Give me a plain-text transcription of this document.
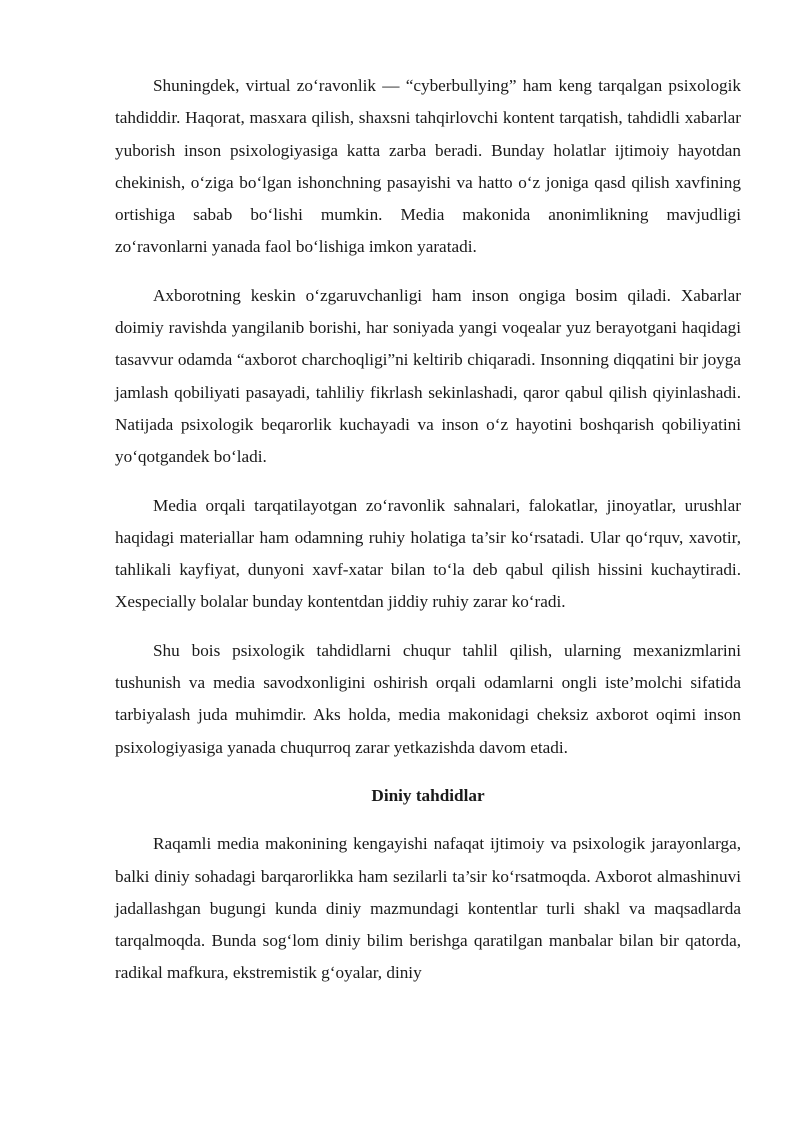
Shuningdek, virtual zo‘ravonlik — “cyberbullying” ham keng tarqalgan psixologik tahdiddir. Haqorat, masxara qilish, shaxsni tahqirlovchi kontent tarqatish, tahdidli xabarlar yuborish inson psixologiyasiga katta zarba beradi. Bunday holatlar ijtimoiy hayotdan chekinish, o‘ziga bo‘lgan ishonchning pasayishi va hatto o‘z joniga qasd qilish xavfining ortishiga sabab bo‘lishi mumkin. Media makonida anonimlikning mavjudligi zo‘ravonlarni yanada faol bo‘lishiga imkon yaratadi.

Axborotning keskin o‘zgaruvchanligi ham inson ongiga bosim qiladi. Xabarlar doimiy ravishda yangilanib borishi, har soniyada yangi voqealar yuz berayotgani haqidagi tasavvur odamda “axborot charchoqligi”ni keltirib chiqaradi. Insonning diqqatini bir joyga jamlash qobiliyati pasayadi, tahliliy fikrlash sekinlashadi, qaror qabul qilish qiyinlashadi. Natijada psixologik beqarorlik kuchayadi va inson o‘z hayotini boshqarish qobiliyatini yo‘qotgandek bo‘ladi.

Media orqali tarqatilayotgan zo‘ravonlik sahnalari, falokatlar, jinoyatlar, urushlar haqidagi materiallar ham odamning ruhiy holatiga ta’sir ko‘rsatadi. Ular qo‘rquv, xavotir, tahlikali kayfiyat, dunyoni xavf-xatar bilan to‘la deb qabul qilish hissini kuchaytiradi. Xespecially bolalar bunday kontentdan jiddiy ruhiy zarar ko‘radi.

Shu bois psixologik tahdidlarni chuqur tahlil qilish, ularning mexanizmlarini tushunish va media savodxonligini oshirish orqali odamlarni ongli iste’molchi sifatida tarbiyalash juda muhimdir. Aks holda, media makonidagi cheksiz axborot oqimi inson psixologiyasiga yanada chuqurroq zarar yetkazishda davom etadi.

Diniy tahdidlar

Raqamli media makonining kengayishi nafaqat ijtimoiy va psixologik jarayonlarga, balki diniy sohadagi barqarorlikka ham sezilarli ta’sir ko‘rsatmoqda. Axborot almashinuvi jadallashgan bugungi kunda diniy mazmundagi kontentlar turli shakl va maqsadlarda tarqalmoqda. Bunda sog‘lom diniy bilim berishga qaratilgan manbalar bilan bir qatorda, radikal mafkura, ekstremistik g‘oyalar, diniy
